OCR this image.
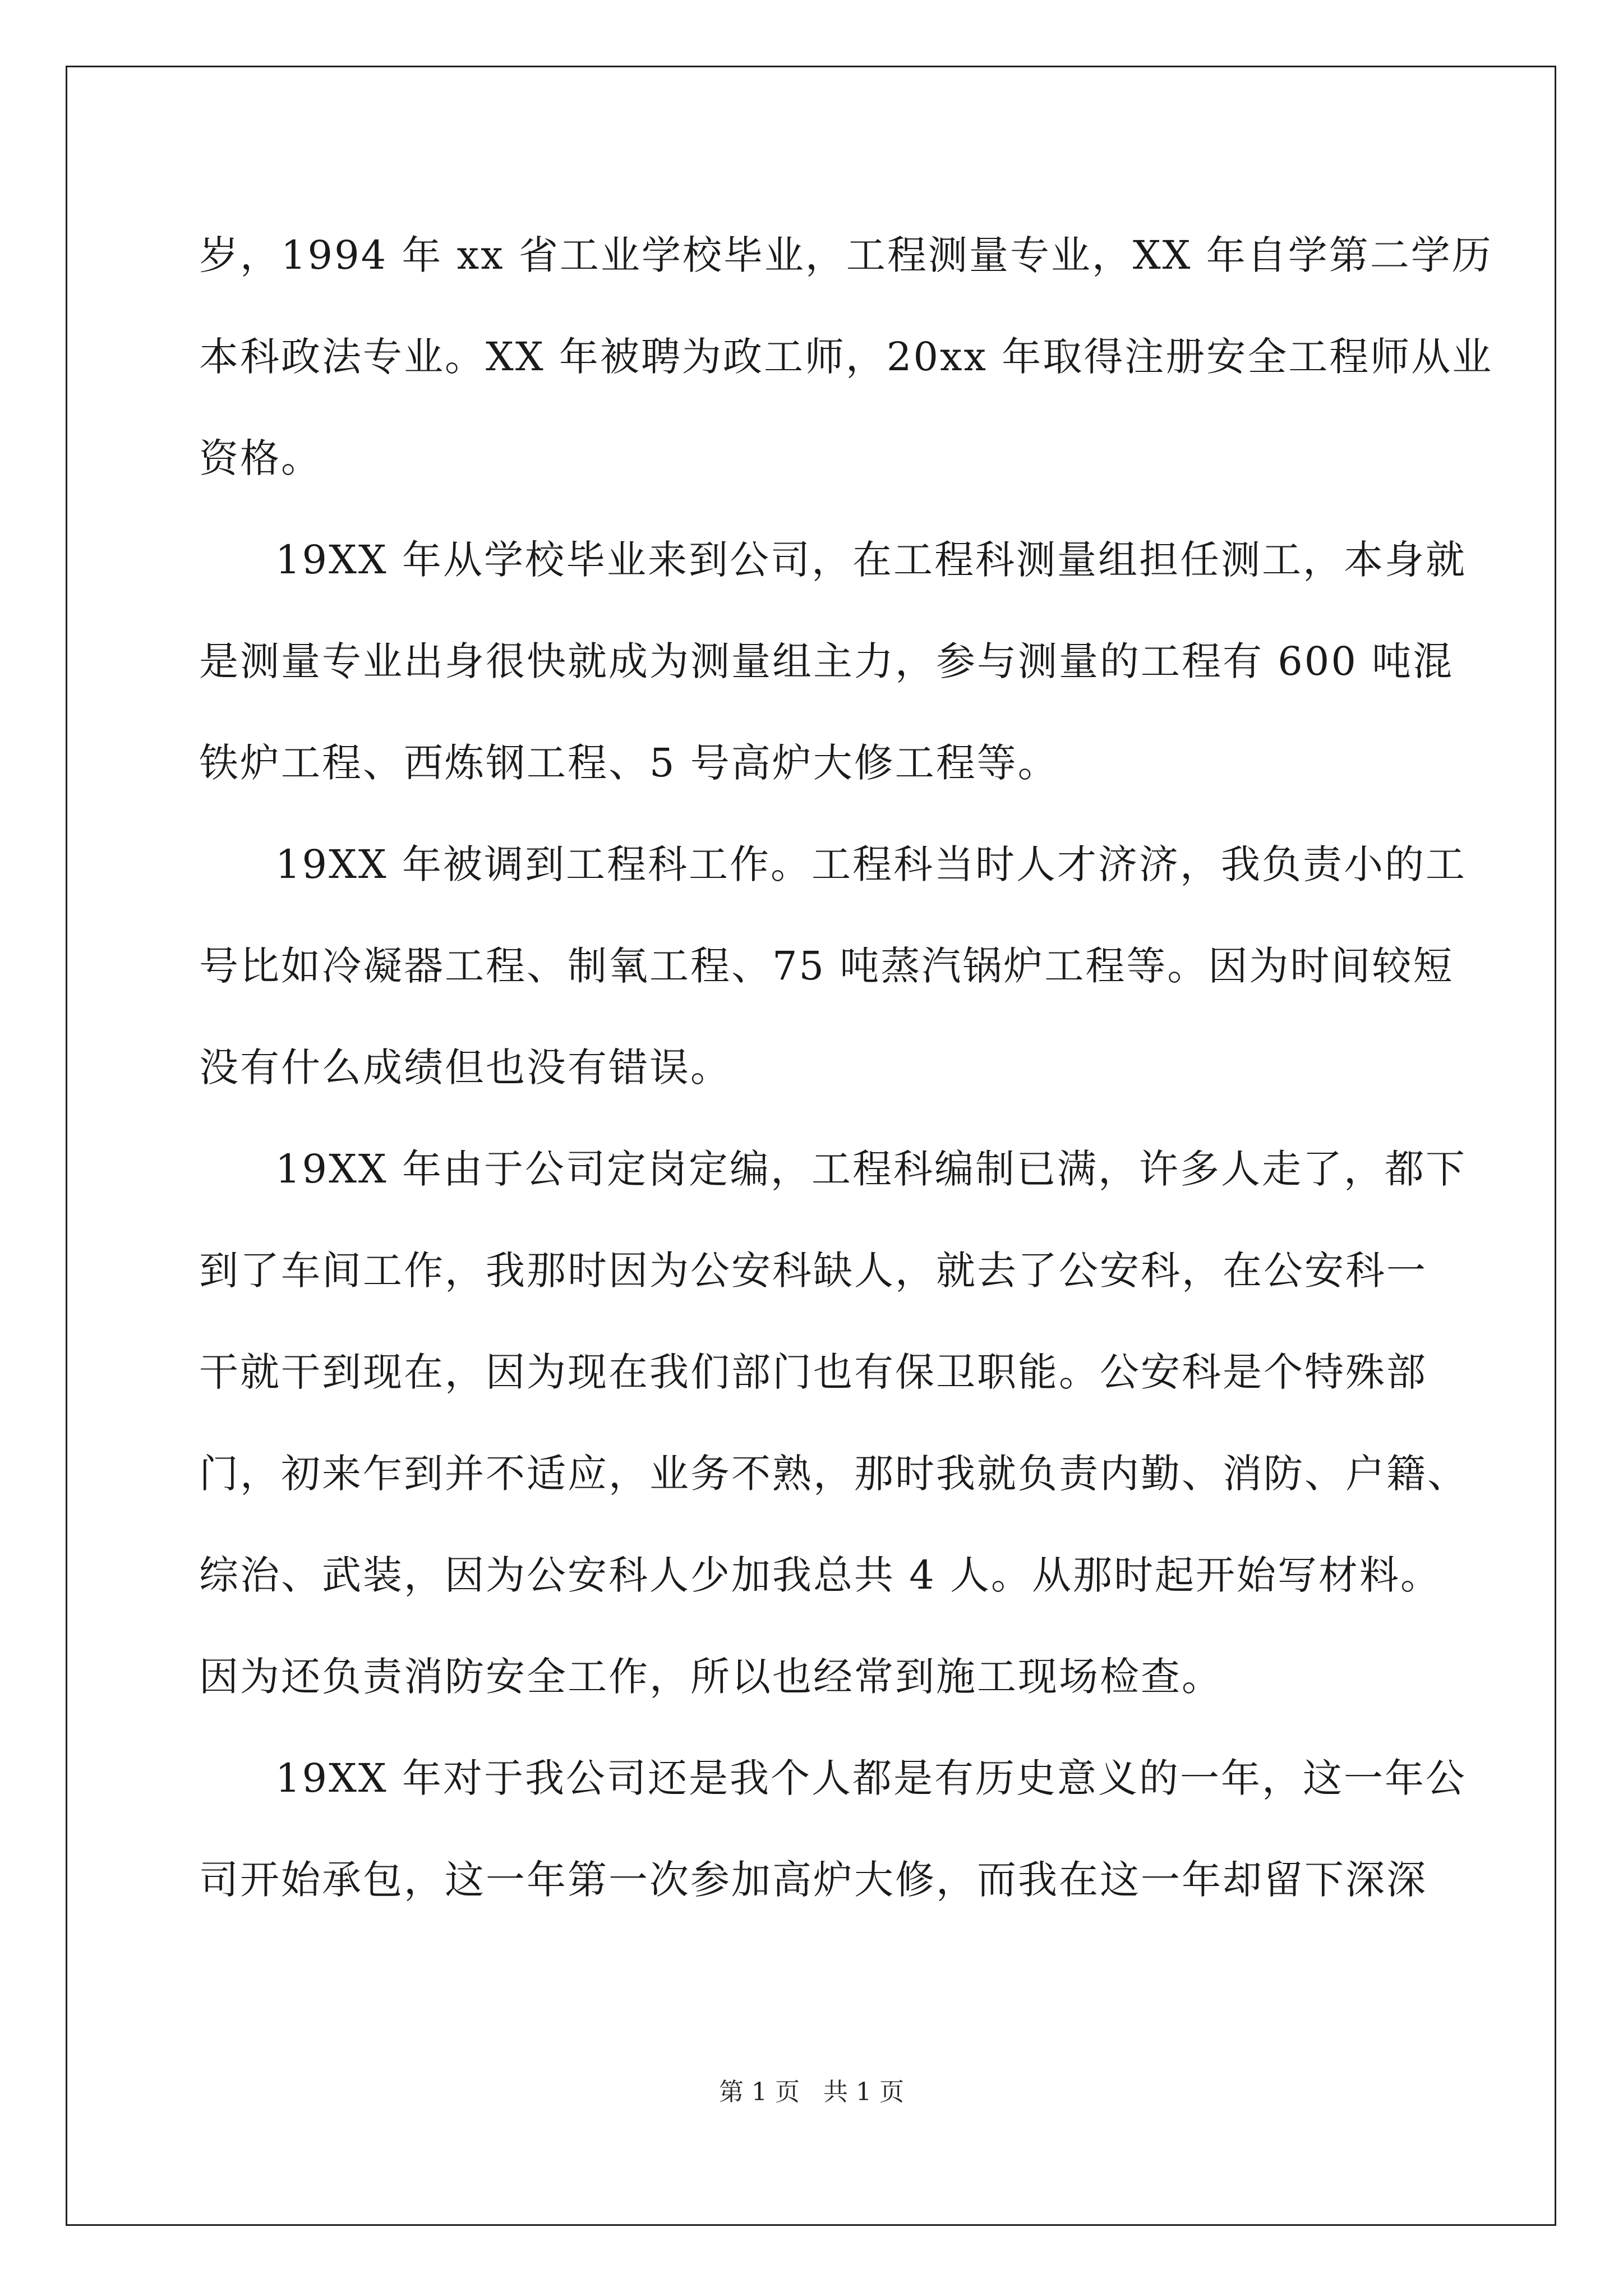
岁，1994 年 xx 省工业学校毕业，工程测量专业，XX 年自学第二学历
本科政法专业。XX 年被聘为政工师，20xx 年取得注册安全工程师从业
资格。
19XX 年从学校毕业来到公司，在工程科测量组担任测工，本身就
是测量专业出身很快就成为测量组主力，参与测量的工程有 600 吨混
铁炉工程、西炼钢工程、5 号高炉大修工程等。
19XX 年被调到工程科工作。工程科当时人才济济，我负责小的工
号比如冷凝器工程、制氧工程、75 吨蒸汽锅炉工程等。因为时间较短
没有什么成绩但也没有错误。
19XX 年由于公司定岗定编，工程科编制已满，许多人走了，都下
到了车间工作，我那时因为公安科缺人，就去了公安科，在公安科一
干就干到现在，因为现在我们部门也有保卫职能。公安科是个特殊部
门，初来乍到并不适应，业务不熟，那时我就负责内勤、消防、户籍、
综治、武装，因为公安科人少加我总共 4 人。从那时起开始写材料。
因为还负责消防安全工作，所以也经常到施工现场检查。
19XX 年对于我公司还是我个人都是有历史意义的一年，这一年公
司开始承包，这一年第一次参加高炉大修，而我在这一年却留下深深
第 1 页   共 1 页
